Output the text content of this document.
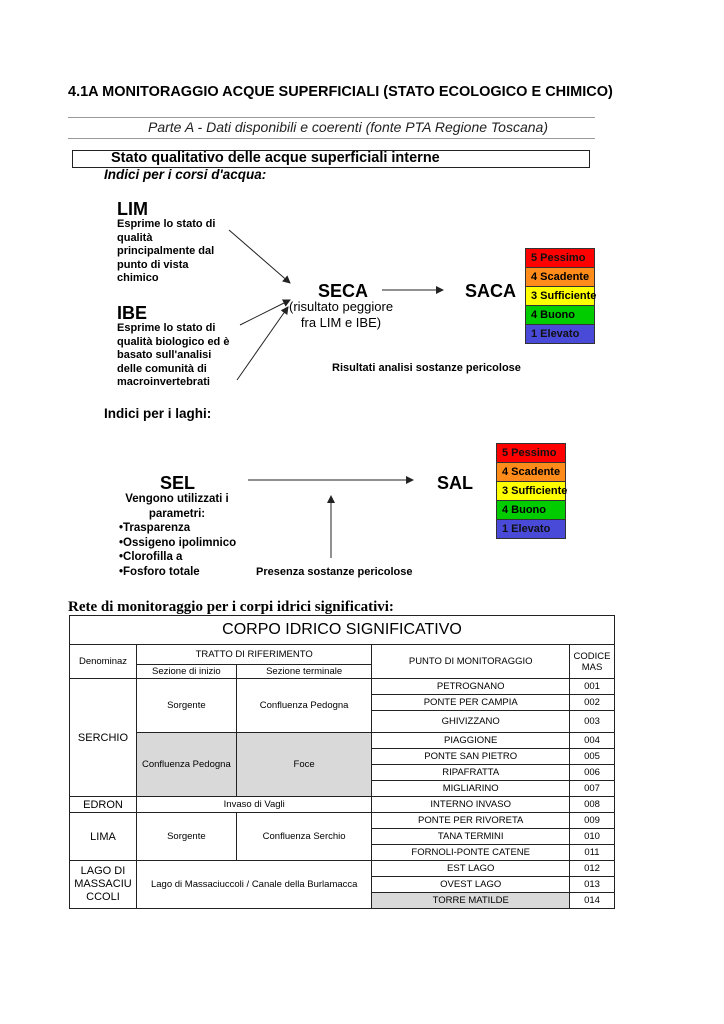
4.1A MONITORAGGIO ACQUE SUPERFICIALI (STATO ECOLOGICO E CHIMICO)
Parte A - Dati disponibili e coerenti (fonte PTA Regione Toscana)
Stato qualitativo delle acque superficiali interne
Indici per i corsi d'acqua:
LIM
Esprime lo stato di qualità principalmente dal punto di vista chimico
IBE
Esprime lo stato di qualità biologico ed è basato sull'analisi delle comunità di macroinvertebrati
SECA
(risultato peggiore
fra LIM e IBE)
SACA
Risultati analisi sostanze pericolose
5 Pessimo
4 Scadente
3 Sufficiente
4 Buono
1 Elevato
Indici per i laghi:
SEL
Vengono utilizzati i
parametri:
•Trasparenza
•Ossigeno ipolimnico
•Clorofilla a
•Fosforo totale
SAL
Presenza sostanze pericolose
5 Pessimo
4 Scadente
3 Sufficiente
4 Buono
1 Elevato
Rete di monitoraggio per i corpi idrici significativi:
CORPO IDRICO SIGNIFICATIVO				
Denominaz	TRATTO DI RIFERIMENTO		PUNTO DI MONITORAGGIO	CODICE MAS
	Sezione di inizio	Sezione terminale		
SERCHIO	Sorgente	Confluenza Pedogna	PETROGNANO	001
			PONTE PER CAMPIA	002
			GHIVIZZANO	003
	Confluenza Pedogna	Foce	PIAGGIONE	004
			PONTE SAN PIETRO	005
			RIPAFRATTA	006
			MIGLIARINO	007
EDRON	Invaso di Vagli		INTERNO INVASO	008
LIMA	Sorgente	Confluenza Serchio	PONTE PER RIVORETA	009
			TANA TERMINI	010
			FORNOLI-PONTE CATENE	011
LAGO DI MASSACIU CCOLI	Lago di Massaciuccoli / Canale della Burlamacca		EST LAGO	012
			OVEST LAGO	013
			TORRE MATILDE	014
